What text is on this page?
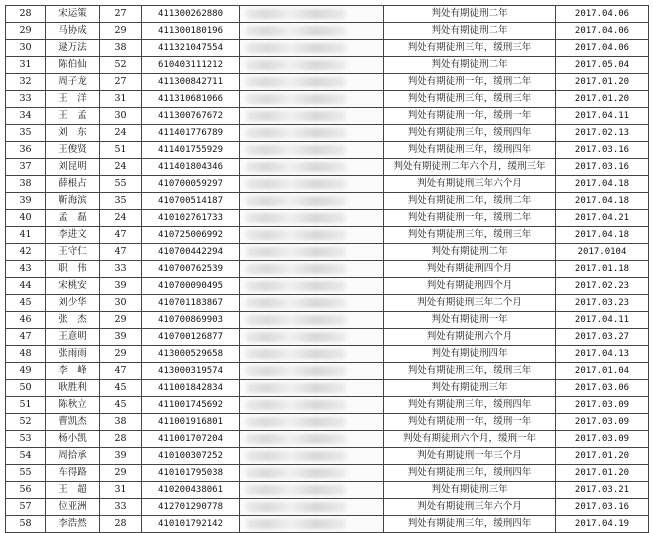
28	宋运策	27	411300262880	判处有期徒刑二年	2017.04.06
29	马协成	29	411300180196	判处有期徒刑二年	2017.04.06
30	逯万法	38	411321047554	判处有期徒刑三年，缓刑三年	2017.04.06
31	陈伯仙	52	610403111212	判处有期徒刑二年	2017.05.04
32	周子龙	27	411300842711	判处有期徒刑一年，缓刑二年	2017.01.20
33	王　洋	31	411310681066	判处有期徒刑三年，缓刑三年	2017.01.20
34	王　孟	30	411300767672	判处有期徒刑一年，缓刑一年	2017.04.11
35	刘　东	24	411401776789	判处有期徒刑三年，缓刑四年	2017.02.13
36	王俊贤	51	411401755929	判处有期徒刑三年，缓刑四年	2017.03.16
37	刘昆明	24	411401804346	判处有期徒刑二年六个月，缓刑三年	2017.03.16
38	薛根占	55	410700059297	判处有期徒刑三年六个月	2017.04.18
39	靳海滨	35	410700514187	判处有期徒刑二年，缓刑二年	2017.04.18
40	孟　磊	24	410102761733	判处有期徒刑一年，缓刑二年	2017.04.21
41	李进文	47	410725006992	判处有期徒刑三年，缓刑三年	2017.04.18
42	王守仁	47	410700442294	判处有期徒刑二年	2017.0104
43	职　伟	33	410700762539	判处有期徒刑四个月	2017.01.18
44	宋桃安	39	410700090495	判处有期徒刑四个月	2017.02.23
45	刘少华	30	410701183867	判处有期徒刑三年二个月	2017.03.23
46	张　杰	29	410700869903	判处有期徒刑一年	2017.04.11
47	王意明	39	410700126877	判处有期徒刑六个月	2017.03.27
48	张雨雨	29	413000529658	判处有期徒刑四年	2017.04.13
49	李　峰	47	413000319574	判处有期徒刑三年，缓刑三年	2017.01.04
50	耿胜利	45	411001842834	判处有期徒刑三年	2017.03.06
51	陈秋立	45	411001745692	判处有期徒刑三年，缓刑四年	2017.03.09
52	曹凯杰	38	411001916801	判处有期徒刑一年，缓刑一年	2017.03.09
53	杨小凯	28	411001707204	判处有期徒刑六个月，缓刑一年	2017.03.09
54	周拾承	39	410100307252	判处有期徒刑一年三个月	2017.01.20
55	车得路	29	410101795038	判处有期徒刑三年，缓刑四年	2017.01.20
56	王　超	31	410200438061	判处有期徒刑三年	2017.03.21
57	位亚洲	33	412701290778	判处有期徒刑三年六个月	2017.03.16
58	李浩然	28	410101792142	判处有期徒刑三年，缓刑四年	2017.04.19
